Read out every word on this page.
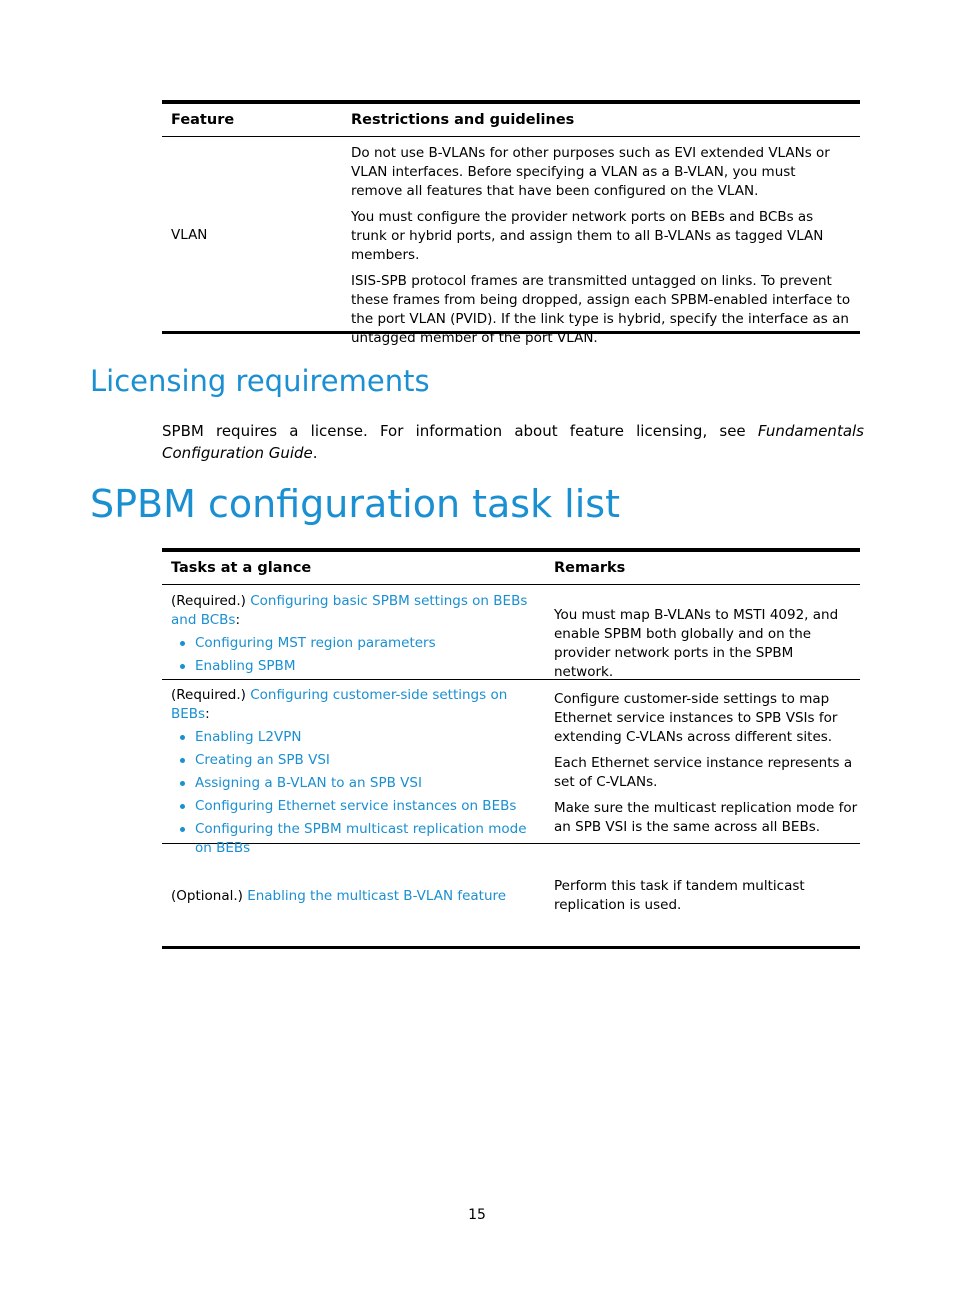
Feature	Restrictions and guidelines
VLAN

Do not use B-VLANs for other purposes such as EVI extended VLANs or VLAN interfaces. Before specifying a VLAN as a B-VLAN, you must remove all features that have been configured on the VLAN.

You must configure the provider network ports on BEBs and BCBs as trunk or hybrid ports, and assign them to all B-VLANs as tagged VLAN members.

ISIS-SPB protocol frames are transmitted untagged on links. To prevent these frames from being dropped, assign each SPBM-enabled interface to the port VLAN (PVID). If the link type is hybrid, specify the interface as an untagged member of the port VLAN.

Licensing requirements

SPBM requires a license. For information about feature licensing, see Fundamentals Configuration Guide.

SPBM configuration task list
Tasks at a glance	Remarks
(Required.) Configuring basic SPBM settings on BEBs and BCBs:
Configuring MST region parameters
Enabling SPBM

You must map B-VLANs to MSTI 4092, and enable SPBM both globally and on the provider network ports in the SPBM network.

(Required.) Configuring customer-side settings on BEBs:
Enabling L2VPN
Creating an SPB VSI
Assigning a B-VLAN to an SPB VSI
Configuring Ethernet service instances on BEBs
Configuring the SPBM multicast replication mode on BEBs

Configure customer-side settings to map Ethernet service instances to SPB VSIs for extending C-VLANs across different sites.

Each Ethernet service instance represents a set of C-VLANs.

Make sure the multicast replication mode for an SPB VSI is the same across all BEBs.

(Optional.) Enabling the multicast B-VLAN feature

Perform this task if tandem multicast replication is used.

15
